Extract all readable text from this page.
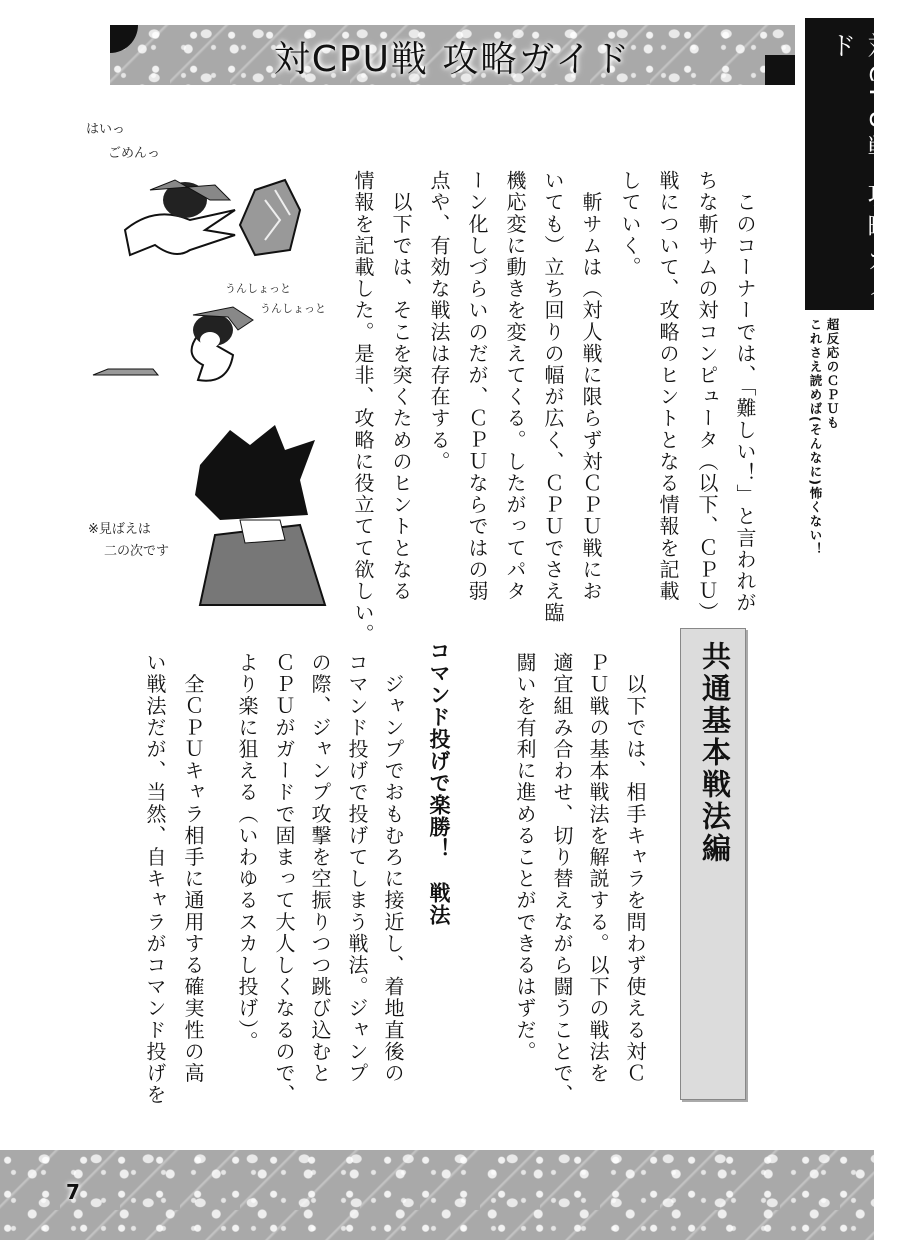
対CPU戦 攻略ガイド	対CPU戦 攻略ガイド
超反応のＣＰＵも
これさえ読めば(そんなに)怖くない！
はいっ
ごめんっ
うんしょっと
うんしょっと
※見ばえは
二の次です	　このコーナーでは、「難しい！」と言われが
ちな斬サムの対コンピュータ（以下、ＣＰＵ）
戦について、攻略のヒントとなる情報を記載
していく。
　斬サムは（対人戦に限らず対ＣＰＵ戦にお
いても）立ち回りの幅が広く、ＣＰＵでさえ臨
機応変に動きを変えてくる。したがってパタ
ーン化しづらいのだが、ＣＰＵならではの弱
点や、有効な戦法は存在する。
　以下では、そこを突くためのヒントとなる
情報を記載した。是非、攻略に役立てて欲しい。
共通基本戦法編
　以下では、相手キャラを問わず使える対Ｃ
ＰＵ戦の基本戦法を解説する。以下の戦法を
適宜組み合わせ、切り替えながら闘うことで、
闘いを有利に進めることができるはずだ。
コマンド投げで楽勝！　戦法
　ジャンプでおもむろに接近し、着地直後の
コマンド投げで投げてしまう戦法。ジャンプ
の際、ジャンプ攻撃を空振りつつ跳び込むと
ＣＰＵがガードで固まって大人しくなるので、
より楽に狙える（いわゆるスカし投げ）。
　全ＣＰＵキャラ相手に通用する確実性の高
い戦法だが、当然、自キャラがコマンド投げを
7
